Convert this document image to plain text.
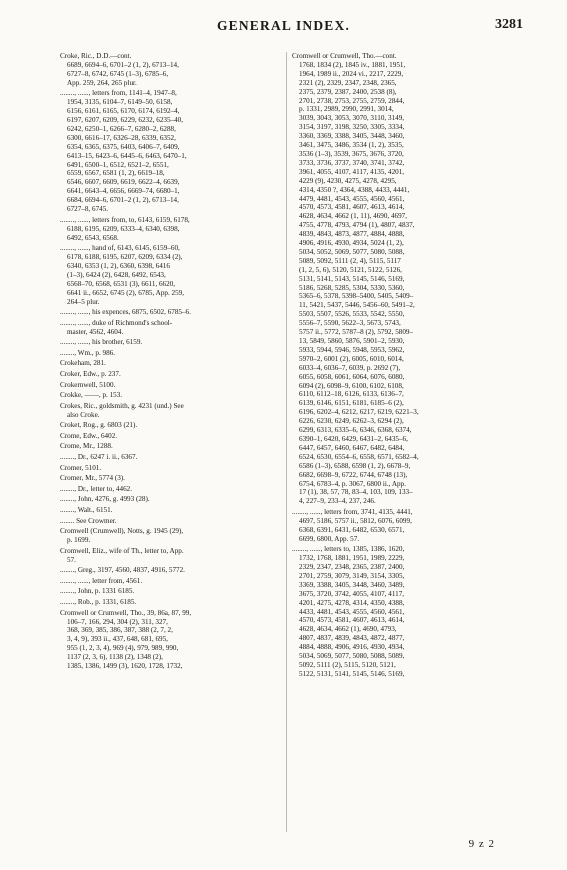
GENERAL INDEX.	3281
Croke, Ric., D.D.—cont.
6689, 6694–6, 6701–2 (1, 2), 6713–14,
6727–8, 6742, 6745 (1–3), 6785–6,
App. 259, 264, 265 plur.
........, ......, letters from, 1141–4, 1947–8,
1954, 3135, 6104–7, 6149–50, 6158,
6156, 6161, 6165, 6170, 6174, 6192–4,
6197, 6207, 6209, 6229, 6232, 6235–40,
6242, 6250–1, 6266–7, 6280–2, 6288,
6300, 6616–17, 6326–28, 6339, 6352,
6354, 6365, 6375, 6403, 6406–7, 6409,
6413–15, 6423–6, 6445–6, 6463, 6470–1,
6491, 6500–1, 6512, 6521–2, 6551,
6559, 6567, 6581 (1, 2), 6619–18,
6546, 6607, 6609, 6619, 6622–4, 6639,
6641, 6643–4, 6656, 6669–74, 6680–1,
6684, 6694–6, 6701–2 (1, 2), 6713–14,
6727–8, 6745.
........, ......, letters from, to, 6143, 6159, 6178,
6188, 6195, 6209, 6333–4, 6340, 6398,
6492, 6543, 6568.
........, ......, hand of, 6143, 6145, 6159–60,
6178, 6188, 6195, 6207, 6209, 6334 (2),
6340, 6353 (1, 2), 6360, 6398, 6416
(1–3), 6424 (2), 6428, 6492, 6543,
6568–70, 6568, 6531 (3), 6611, 6620,
6641 ii., 6652, 6745 (2), 6785, App. 259,
264–5 plur.
........, ......, his expences, 6875, 6502, 6785–6.
........, ......, duke of Richmond's school-
master, 4562, 4604.
........, ......, his brother, 6159.
........, Wm., p. 986.
Crokeham, 281.
Croker, Edw., p. 237.
Crokernwell, 5100.
Crokke, ——, p. 153.
Crokes, Ric., goldsmith, g. 4231 (und.) See
also Croke.
Croket, Rog., g. 6803 (21).
Crome, Edw., 6402.
Crome, Mr., 1288.
........, Dr., 6247 i. ii., 6367.
Cromer, 5101.
Cromer, Mr., 5774 (3).
........, Dr., letter to, 4462.
........, John, 4276, g. 4993 (28).
........, Walt., 6151.
........ See Crowmer.
Cromwell (Crumwell), Notts, g. 1945 (29),
p. 1699.
Cromwell, Eliz., wife of Th., letter to, App.
57.
........, Greg., 3197, 4560, 4837, 4916, 5772.
........, ......, letter from, 4561.
........, John, p. 1331 6185.
........, Rob., p. 1331, 6185.
Cromwell or Crumwell, Tho., 39, 86a, 87, 99,
106–7, 166, 294, 304 (2), 311, 327,
368, 369, 385, 386, 387, 388 (2, 7, 2,
3, 4, 9), 393 ii., 437, 648, 681, 695,
955 (1, 2, 3, 4), 969 (4), 979, 989, 990,
1137 (2, 3, 6), 1138 (2), 1348 (2),
1385, 1386, 1499 (3), 1620, 1728, 1732,
Cromwell or Crumwell, Tho.—cont.
1768, 1834 (2), 1845 iv., 1881, 1951,
1964, 1989 ii., 2024 vi., 2217, 2229,
2321 (2), 2329, 2347, 2348, 2365,
2375, 2379, 2387, 2400, 2538 (8),
2701, 2738, 2753, 2755, 2759, 2844,
p. 1331, 2989, 2990, 2991, 3014,
3039, 3043, 3053, 3070, 3110, 3149,
3154, 3197, 3198, 3250, 3305, 3334,
3360, 3369, 3388, 3405, 3448, 3460,
3461, 3475, 3486, 3534 (1, 2), 3535,
3536 (1–3), 3539, 3675, 3676, 3720,
3733, 3736, 3737, 3740, 3741, 3742,
3961, 4055, 4107, 4117, 4135, 4201,
4229 (9), 4230, 4275, 4278, 4295,
4314, 4350 ?, 4364, 4388, 4433, 4441,
4479, 4481, 4543, 4555, 4560, 4561,
4570, 4573, 4581, 4607, 4613, 4614,
4628, 4634, 4662 (1, 11), 4690, 4697,
4755, 4778, 4793, 4794 (1), 4807, 4837,
4839, 4843, 4873, 4877, 4884, 4888,
4906, 4916, 4930, 4934, 5024 (1, 2),
5034, 5052, 5069, 5077, 5080, 5088,
5089, 5092, 5111 (2, 4), 5115, 5117
(1, 2, 5, 6), 5120, 5121, 5122, 5126,
5131, 5141, 5143, 5145, 5146, 5169,
5186, 5268, 5285, 5304, 5330, 5360,
5365–6, 5378, 5398–5400, 5405, 5409–
11, 5421, 5437, 5446, 5456–60, 5491–2,
5503, 5507, 5526, 5533, 5542, 5550,
5556–7, 5590, 5622–3, 5673, 5743,
5757 ii., 5772, 5787–8 (2), 5792, 5809–
13, 5849, 5860, 5876, 5901–2, 5930,
5933, 5944, 5946, 5948, 5953, 5962,
5970–2, 6001 (2), 6005, 6010, 6014,
6033–4, 6036–7, 6039, p. 2692 (7),
6055, 6058, 6061, 6064, 6076, 6080,
6094 (2), 6098–9, 6100, 6102, 6108,
6110, 6112–18, 6126, 6133, 6136–7,
6139, 6146, 6151, 6181, 6185–6 (2),
6196, 6202–4, 6212, 6217, 6219, 6221–3,
6226, 6230, 6249, 6262–3, 6294 (2),
6299, 6313, 6335–6, 6346, 6368, 6374,
6390–1, 6420, 6429, 6431–2, 6435–6,
6447, 6457, 6460, 6467, 6482, 6484,
6524, 6530, 6554–6, 6558, 6571, 6582–4,
6586 (1–3), 6588, 6598 (1, 2), 6678–9,
6682, 6698–9, 6722, 6744, 6748 (13),
6754, 6783–4, p. 3067, 6800 ii., App.
17 (1), 38, 57, 78, 83–4, 103, 109, 133–
4, 227–9, 233–4, 237, 246.
........, ......, letters from, 3741, 4135, 4441,
4697, 5186, 5757 ii., 5812, 6076, 6099,
6368, 6391, 6431, 6482, 6530, 6571,
6699, 6800, App. 57.
........, ......, letters to, 1385, 1386, 1620,
1732, 1768, 1881, 1951, 1989, 2229,
2329, 2347, 2348, 2365, 2387, 2400,
2701, 2759, 3079, 3149, 3154, 3305,
3369, 3388, 3405, 3448, 3460, 3489,
3675, 3720, 3742, 4055, 4107, 4117,
4201, 4275, 4278, 4314, 4350, 4388,
4433, 4481, 4543, 4555, 4560, 4561,
4570, 4573, 4581, 4607, 4613, 4614,
4628, 4634, 4662 (1), 4690, 4793,
4807, 4837, 4839, 4843, 4872, 4877,
4884, 4888, 4906, 4916, 4930, 4934,
5034, 5069, 5077, 5080, 5088, 5089,
5092, 5111 (2), 5115, 5120, 5121,
5122, 5131, 5141, 5145, 5146, 5169,
9 z 2
